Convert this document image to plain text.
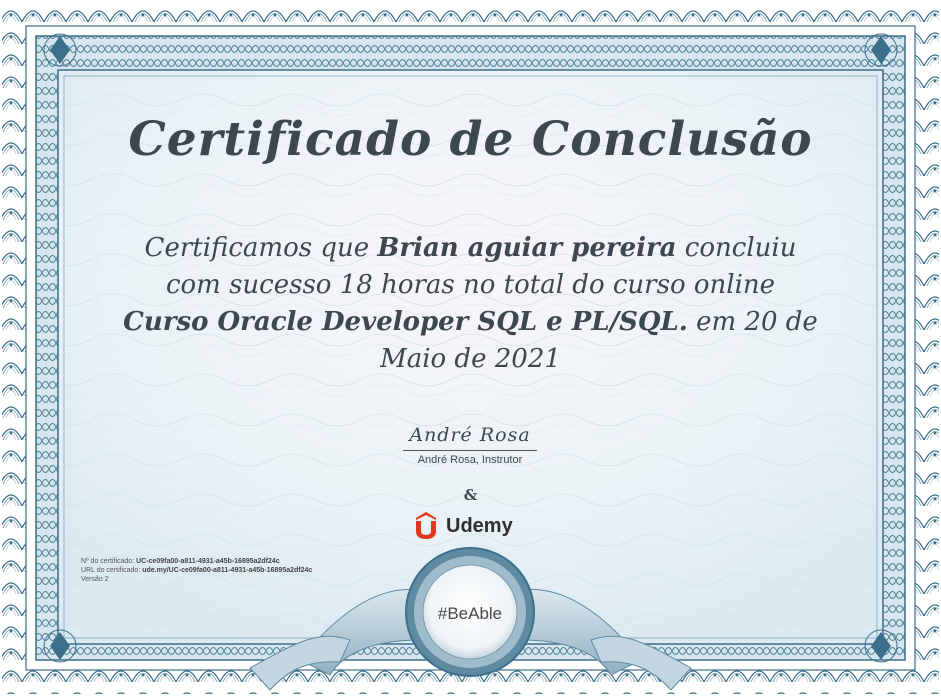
Certificado de Conclusão

Certificamos que Brian aguiar pereira concluiu
com sucesso 18 horas no total do curso online
Curso Oracle Developer SQL e PL/SQL. em 20 de Maio de 2021

André Rosa
André Rosa, Instrutor
&
Udemy
Nº do certificado: UC-ce09fa00-a811-4931-a45b-16895a2df24c
URL do certificado: ude.my/UC-ce09fa00-a811-4931-a45b-16895a2df24c
Versão 2
#BeAble
